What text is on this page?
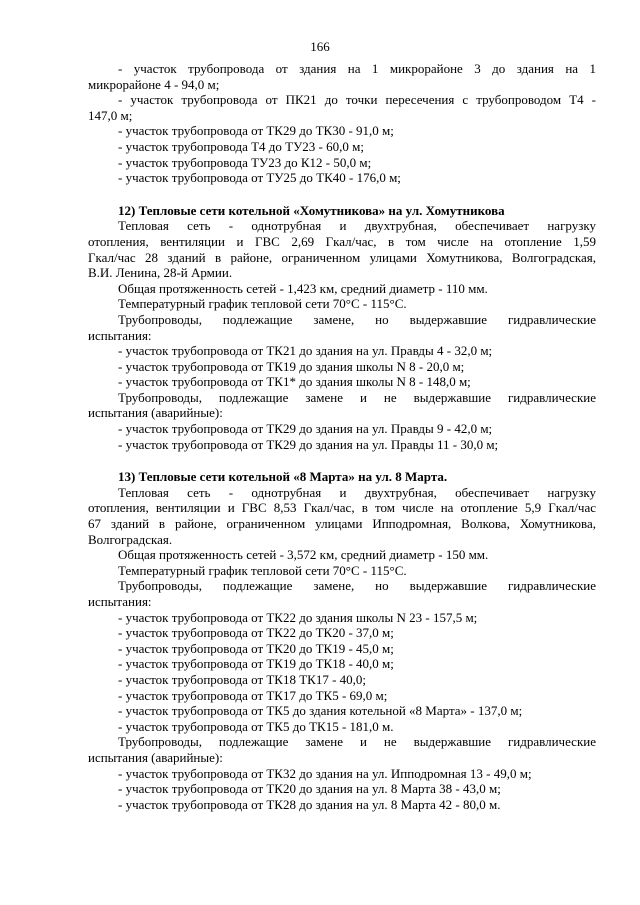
166

- участок трубопровода от здания на 1 микрорайоне 3 до здания на 1

микрорайоне 4 - 94,0 м;

- участок трубопровода от ПК21 до точки пересечения с трубопроводом Т4 -

147,0 м;

- участок трубопровода от ТК29 до ТК30 - 91,0 м;

- участок трубопровода Т4 до ТУ23 - 60,0 м;

- участок трубопровода ТУ23 до К12 - 50,0 м;

- участок трубопровода от ТУ25 до ТК40 - 176,0 м;

12) Тепловые сети котельной «Хомутникова» на ул. Хомутникова

Тепловая сеть - однотрубная и двухтрубная, обеспечивает нагрузку

отопления, вентиляции и ГВС 2,69 Гкал/час, в том числе на отопление 1,59

Гкал/час 28 зданий в районе, ограниченном улицами Хомутникова, Волгоградская,

В.И. Ленина, 28-й Армии.

Общая протяженность сетей - 1,423 км, средний диаметр - 110 мм.

Температурный график тепловой сети 70°С - 115°С.

Трубопроводы, подлежащие замене, но выдержавшие гидравлические

испытания:

- участок трубопровода от ТК21 до здания на ул. Правды 4 - 32,0 м;

- участок трубопровода от ТК19 до здания школы N 8 - 20,0 м;

- участок трубопровода от ТК1* до здания школы N 8 - 148,0 м;

Трубопроводы, подлежащие замене и не выдержавшие гидравлические

испытания (аварийные):

- участок трубопровода от ТК29 до здания на ул. Правды 9 - 42,0 м;

- участок трубопровода от ТК29 до здания на ул. Правды 11 - 30,0 м;

13) Тепловые сети котельной «8 Марта» на ул. 8 Марта.

Тепловая сеть - однотрубная и двухтрубная, обеспечивает нагрузку

отопления, вентиляции и ГВС 8,53 Гкал/час, в том числе на отопление 5,9 Гкал/час

67 зданий в районе, ограниченном улицами Ипподромная, Волкова, Хомутникова,

Волгоградская.

Общая протяженность сетей - 3,572 км, средний диаметр - 150 мм.

Температурный график тепловой сети 70°С - 115°С.

Трубопроводы, подлежащие замене, но выдержавшие гидравлические

испытания:

- участок трубопровода от ТК22 до здания школы N 23 - 157,5 м;

- участок трубопровода от ТК22 до ТК20 - 37,0 м;

- участок трубопровода от ТК20 до ТК19 - 45,0 м;

- участок трубопровода от ТК19 до ТК18 - 40,0 м;

- участок трубопровода от ТК18 ТК17 - 40,0;

- участок трубопровода от ТК17 до ТК5 - 69,0 м;

- участок трубопровода от ТК5 до здания котельной «8 Марта» - 137,0 м;

- участок трубопровода от ТК5 до ТК15 - 181,0 м.

Трубопроводы, подлежащие замене и не выдержавшие гидравлические

испытания (аварийные):

- участок трубопровода от ТК32 до здания на ул. Ипподромная 13 - 49,0 м;

- участок трубопровода от ТК20 до здания на ул. 8 Марта 38 - 43,0 м;

- участок трубопровода от ТК28 до здания на ул. 8 Марта 42 - 80,0 м.
